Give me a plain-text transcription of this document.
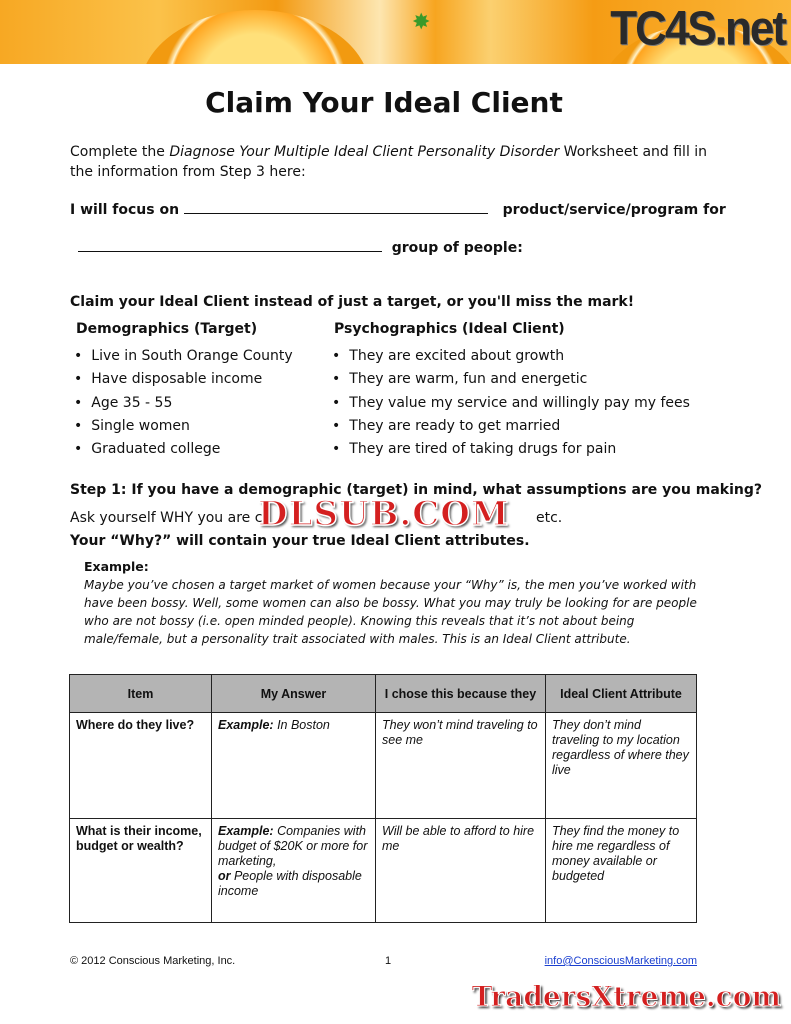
✸	TC4S.net
Claim Your Ideal Client
Complete the Diagnose Your Multiple Ideal Client Personality Disorder Worksheet and fill in the information from Step 3 here:
I will focus on	product/service/program for
group of people:
Claim your Ideal Client instead of just a target, or you'll miss the mark!
Demographics (Target)
• Live in South Orange County
• Have disposable income
• Age 35 - 55
• Single women
• Graduated college
Psychographics (Ideal Client)
• They are excited about growth
• They are warm, fun and energetic
• They value my service and willingly pay my fees
• They are ready to get married
• They are tired of taking drugs for pain
Step 1: If you have a demographic (target) in mind, what assumptions are you making?
Ask yourself WHY you are ch	etc.
Your “Why?” will contain your true Ideal Client attributes.
DLSUB.COM
Example:
Maybe you’ve chosen a target market of women because your “Why” is, the men you’ve worked with have been bossy. Well, some women can also be bossy. What you may truly be looking for are people who are not bossy (i.e. open minded people). Knowing this reveals that it’s not about being male/female, but a personality trait associated with males. This is an Ideal Client attribute.
Item	My Answer	I chose this because they	Ideal Client Attribute
Where do they live?	Example: In Boston	They won’t mind traveling to see me	They don’t mind traveling to my location regardless of where they live
What is their income, budget or wealth?	Example: Companies with budget of $20K or more for marketing,
or People with disposable income	Will be able to afford to hire me	They find the money to hire me regardless of money available or budgeted
© 2012 Conscious Marketing, Inc.	1	info@ConsciousMarketing.com
TradersXtreme.com
